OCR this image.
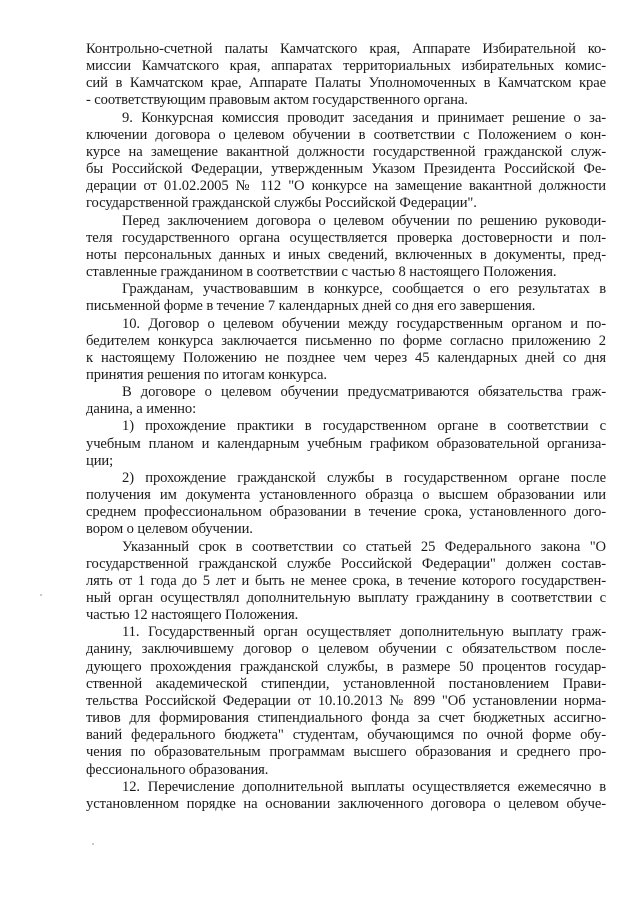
Контрольно-счетной палаты Камчатского края, Аппарате Избирательной ко-
миссии Камчатского края, аппаратах территориальных избирательных комис-
сий в Камчатском крае, Аппарате Палаты Уполномоченных в Камчатском крае
- соответствующим правовым актом государственного органа.

9. Конкурсная комиссия проводит заседания и принимает решение о за-
ключении договора о целевом обучении в соответствии с Положением о кон-
курсе на замещение вакантной должности государственной гражданской служ-
бы Российской Федерации, утвержденным Указом Президента Российской Фе-
дерации от 01.02.2005 № 112 "О конкурсе на замещение вакантной должности
государственной гражданской службы Российской Федерации".

Перед заключением договора о целевом обучении по решению руководи-
теля государственного органа осуществляется проверка достоверности и пол-
ноты персональных данных и иных сведений, включенных в документы, пред-
ставленные гражданином в соответствии с частью 8 настоящего Положения.

Гражданам, участвовавшим в конкурсе, сообщается о его результатах в
письменной форме в течение 7 календарных дней со дня его завершения.

10. Договор о целевом обучении между государственным органом и по-
бедителем конкурса заключается письменно по форме согласно приложению 2
к настоящему Положению не позднее чем через 45 календарных дней со дня
принятия решения по итогам конкурса.

В договоре о целевом обучении предусматриваются обязательства граж-
данина, а именно:

1) прохождение практики в государственном органе в соответствии с
учебным планом и календарным учебным графиком образовательной организа-
ции;

2) прохождение гражданской службы в государственном органе после
получения им документа установленного образца о высшем образовании или
среднем профессиональном образовании в течение срока, установленного дого-
вором о целевом обучении.

Указанный срок в соответствии со статьей 25 Федерального закона "О
государственной гражданской службе Российской Федерации" должен состав-
лять от 1 года до 5 лет и быть не менее срока, в течение которого государствен-
ный орган осуществлял дополнительную выплату гражданину в соответствии с
частью 12 настоящего Положения.

11. Государственный орган осуществляет дополнительную выплату граж-
данину, заключившему договор о целевом обучении с обязательством после-
дующего прохождения гражданской службы, в размере 50 процентов государ-
ственной академической стипендии, установленной постановлением Прави-
тельства Российской Федерации от 10.10.2013 № 899 "Об установлении норма-
тивов для формирования стипендиального фонда за счет бюджетных ассигно-
ваний федерального бюджета" студентам, обучающимся по очной форме обу-
чения по образовательным программам высшего образования и среднего про-
фессионального образования.

12. Перечисление дополнительной выплаты осуществляется ежемесячно в
установленном порядке на основании заключенного договора о целевом обуче-
